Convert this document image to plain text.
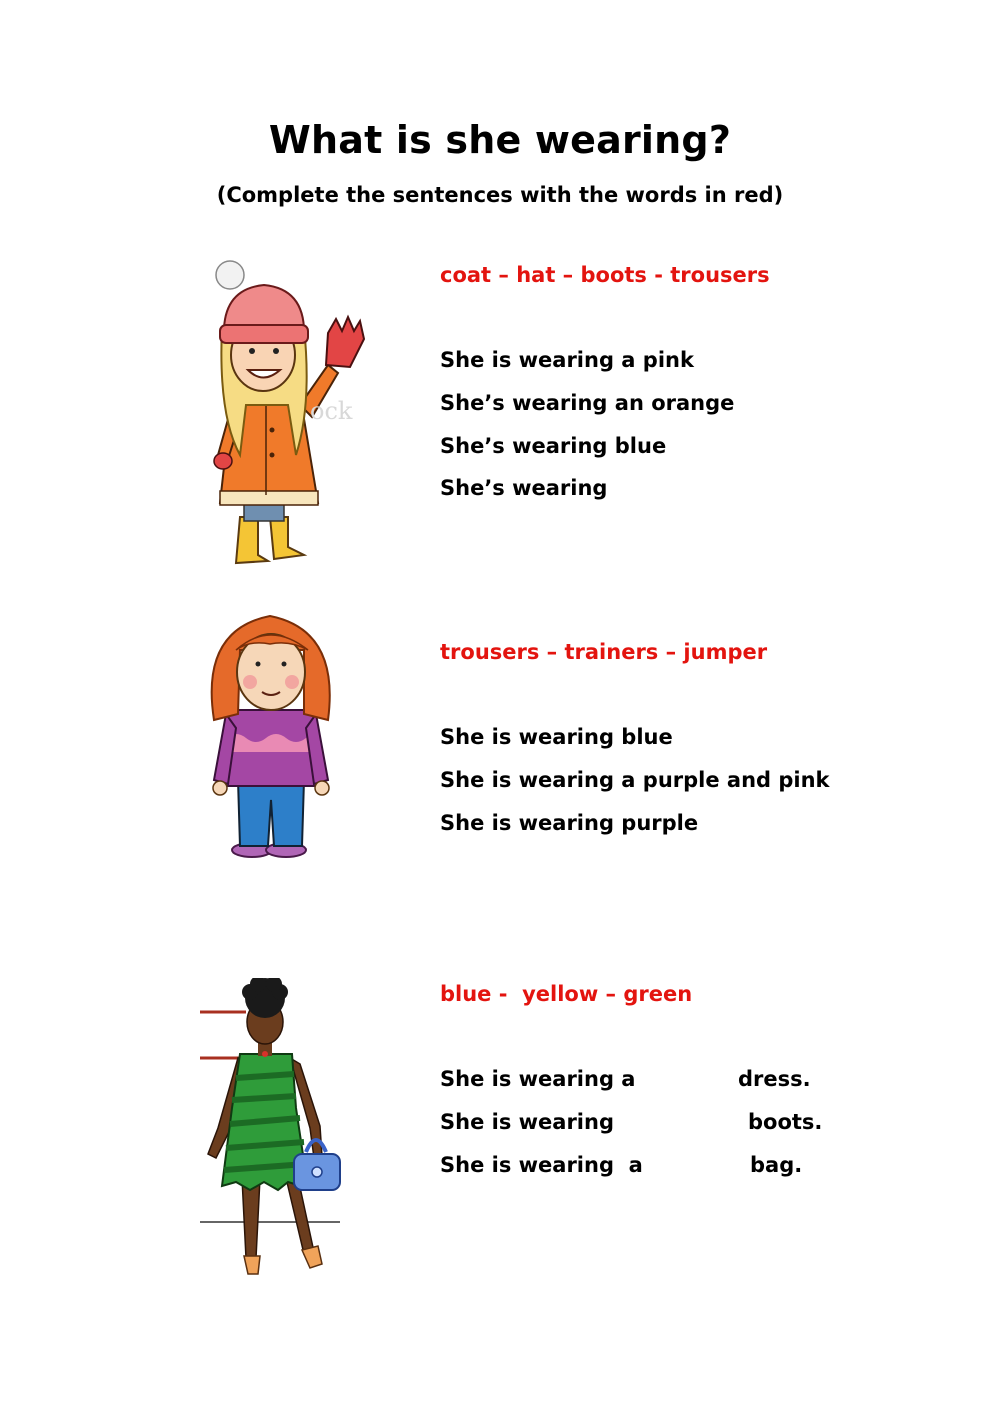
What is she wearing?

(Complete the sentences with the words in red)

ock

coat – hat – boots - trousers

She is wearing a pink

She’s wearing an orange

She’s wearing blue

She’s wearing

trousers – trainers – jumper

She is wearing blue

She is wearing a purple and pink

She is wearing purple

blue -  yellow – green

She is wearing a	dress.

She is wearing	boots.

She is wearing  a	bag.
